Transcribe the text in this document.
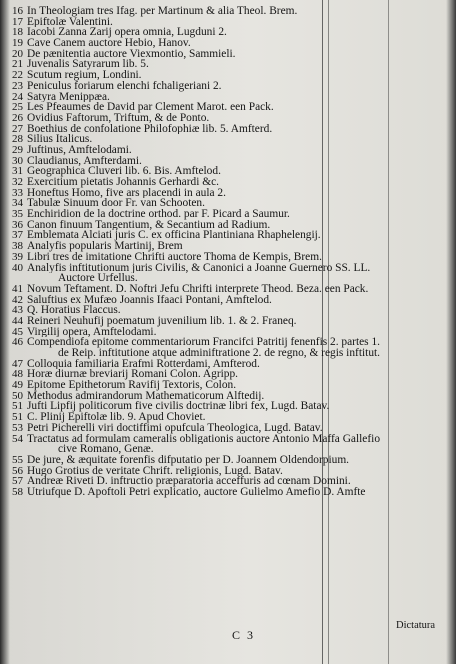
16 In Theologiam tres Ifag. per Martinum & alia Theol. Brem.
17 Epiftolæ Valentini.
18 Iacobi Zanna Zarij opera omnia, Lugduni 2.
19 Cave Canem auctore Hebio, Hanov.
20 De pænitentia auctore Viexmontio, Sammieli.
21 Juvenalis Satyrarum lib. 5.
22 Scutum regium, Londini.
23 Peniculus foriarum elenchi fchaligeriani 2.
24 Satyra Menippæa.
25 Les Pfeaumes de David par Clement Marot. een Pack.
26 Ovidius Faftorum, Triftum, & de Ponto.
27 Boethius de confolatione Philofophiæ lib. 5. Amfterd.
28 Silius Italicus.
29 Juftinus, Amftelodami.
30 Claudianus, Amfterdami.
31 Geographica Cluveri lib. 6. Bis. Amftelod.
32 Exercitium pietatis Johannis Gerhardi &c.
33 Honeftus Homo, five ars placendi in aula 2.
34 Tabulæ Sinuum door Fr. van Schooten.
35 Enchiridion de la doctrine orthod. par F. Picard a Saumur.
36 Canon finuum Tangentium, & Secantium ad Radium.
37 Emblemata Alciati juris C. ex officina Plantiniana Rhaphelengij.
38 Analyfis popularis Martinij, Brem
39 Libri tres de imitatione Chrifti auctore Thoma de Kempis, Brem.
40 Analyfis inftitutionum juris Civilis, & Canonici a Joanne Guernero SS. LL.
Auctore Urfellus.
41 Novum Teftament. D. Noftri Jefu Chrifti interprete Theod. Beza. een Pack.
42 Saluftius ex Mufæo Joannis Ifaaci Pontani, Amftelod.
43 Q. Horatius Flaccus.
44 Reineri Neuhufij poematum juvenilium lib. 1. & 2. Franeq.
45 Virgilij opera, Amftelodami.
46 Compendiofa epitome commentariorum Francifci Patritij fenenfis 2. partes 1.
de Reip. inftitutione atque adminiftratione 2. de regno, & regis inftitut.
47 Colloquia familiaria Erafmi Rotterdami, Amfterod.
48 Horæ diurnæ breviarij Romani Colon. Agripp.
49 Epitome Epithetorum Ravifij Textoris, Colon.
50 Methodus admirandorum Mathematicorum Alftedij.
51 Jufti Lipfij politicorum five civilis doctrinæ libri fex, Lugd. Batav.
51 C. Plinij Epiftolæ lib. 9. Apud Choviet.
53 Petri Picherelli viri doctiffimi opufcula Theologica, Lugd. Batav.
54 Tractatus ad formulam cameralis obligationis auctore Antonio Maffa Gallefio
cive Romano, Genæ.
55 De jure, & æquitate forenfis difputatio per D. Joannem Oldendorpium.
56 Hugo Grotius de veritate Chrift. religionis, Lugd. Batav.
57 Andreæ Riveti D. inftructio præparatoria acceffuris ad cœnam Domini.
58 Utriufque D. Apoftoli Petri explicatio, auctore Gulielmo Amefio D. Amfte
C 3
Dictatura
